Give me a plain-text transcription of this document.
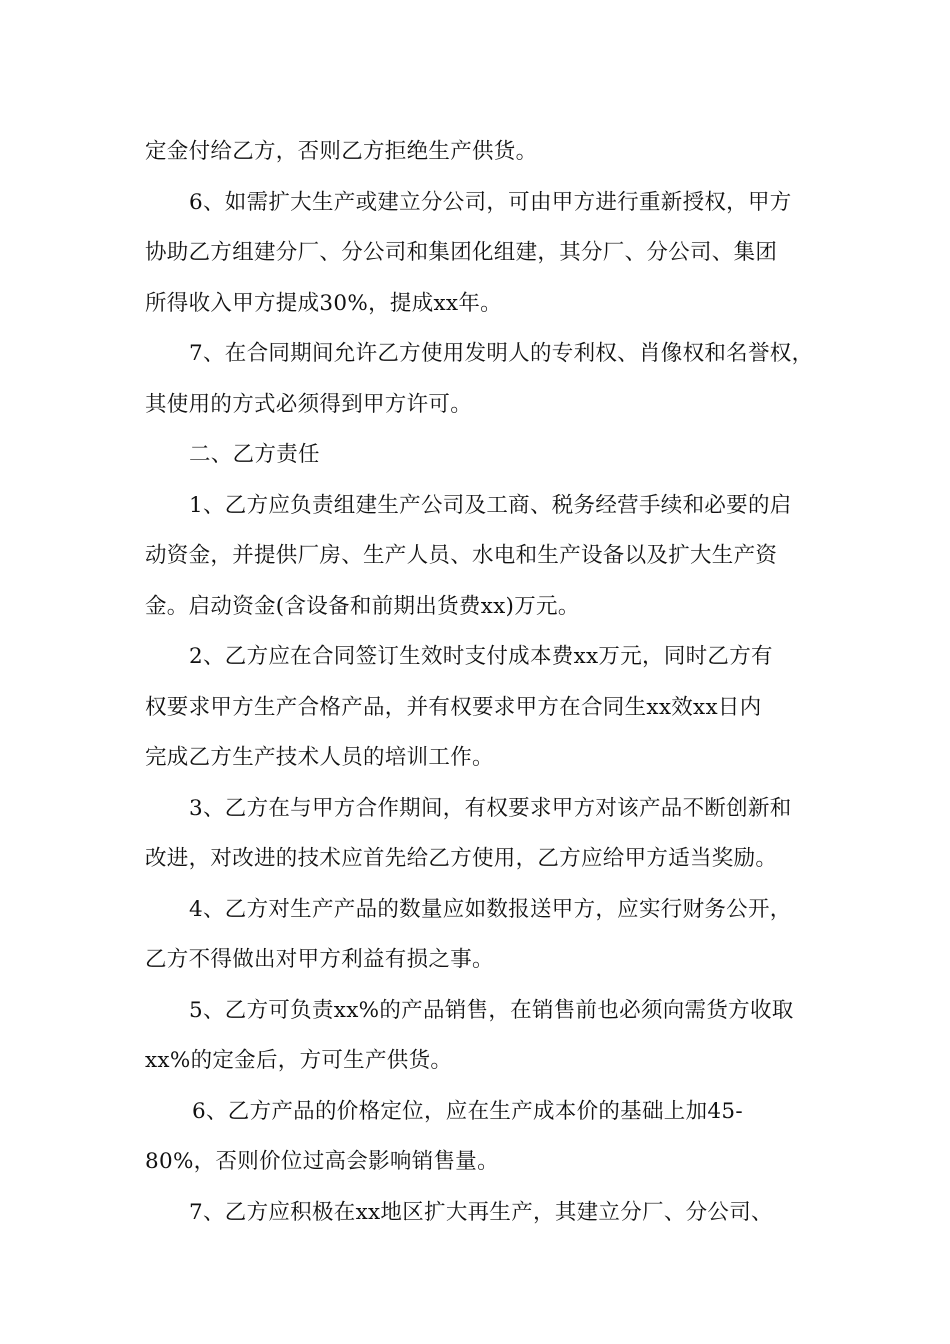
定金付给乙方，否则乙方拒绝生产供货。
6、如需扩大生产或建立分公司，可由甲方进行重新授权，甲方
协助乙方组建分厂、分公司和集团化组建，其分厂、分公司、集团
所得收入甲方提成30%，提成xx年。
7、在合同期间允许乙方使用发明人的专利权、肖像权和名誉权，
其使用的方式必须得到甲方许可。
二、乙方责任
1、乙方应负责组建生产公司及工商、税务经营手续和必要的启
动资金，并提供厂房、生产人员、水电和生产设备以及扩大生产资
金。启动资金(含设备和前期出货费xx)万元。
2、乙方应在合同签订生效时支付成本费xx万元，同时乙方有
权要求甲方生产合格产品，并有权要求甲方在合同生xx效xx日内
完成乙方生产技术人员的培训工作。
3、乙方在与甲方合作期间，有权要求甲方对该产品不断创新和
改进，对改进的技术应首先给乙方使用，乙方应给甲方适当奖励。
4、乙方对生产产品的数量应如数报送甲方，应实行财务公开，
乙方不得做出对甲方利益有损之事。
5、乙方可负责xx%的产品销售，在销售前也必须向需货方收取
xx%的定金后，方可生产供货。
6、乙方产品的价格定位，应在生产成本价的基础上加45-
80%，否则价位过高会影响销售量。
7、乙方应积极在xx地区扩大再生产，其建立分厂、分公司、
